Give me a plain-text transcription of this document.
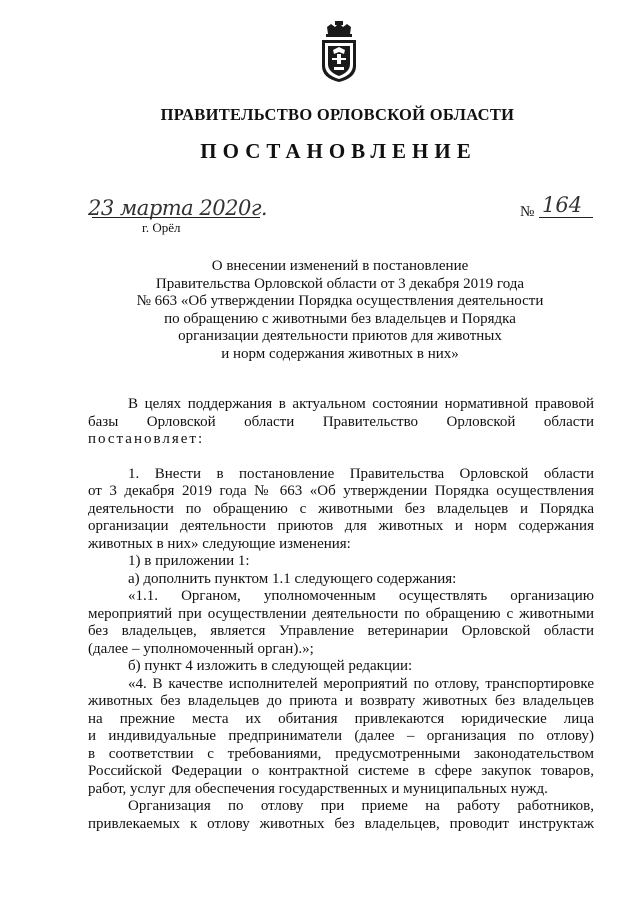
ПРАВИТЕЛЬСТВО ОРЛОВСКОЙ ОБЛАСТИ
ПОСТАНОВЛЕНИЕ
23 марта 2020г.
г. Орёл
№ 164
О внесении изменений в постановление
Правительства Орловской области от 3 декабря 2019 года
№ 663 «Об утверждении Порядка осуществления деятельности
по обращению с животными без владельцев и Порядка
организации деятельности приютов для животных
и норм содержания животных в них»
В целях поддержания в актуальном состоянии нормативной правовой
базы Орловской области Правительство Орловской области
постановляет:
1. Внести в постановление Правительства Орловской области
от 3 декабря 2019 года № 663 «Об утверждении Порядка осуществления
деятельности по обращению с животными без владельцев и Порядка
организации деятельности приютов для животных и норм содержания
животных в них» следующие изменения:
1) в приложении 1:
а) дополнить пунктом 1.1 следующего содержания:
«1.1. Органом, уполномоченным осуществлять организацию
мероприятий при осуществлении деятельности по обращению с животными
без владельцев, является Управление ветеринарии Орловской области
(далее – уполномоченный орган).»;
б) пункт 4 изложить в следующей редакции:
«4. В качестве исполнителей мероприятий по отлову, транспортировке
животных без владельцев до приюта и возврату животных без владельцев
на прежние места их обитания привлекаются юридические лица
и индивидуальные предприниматели (далее – организация по отлову)
в соответствии с требованиями, предусмотренными законодательством
Российской Федерации о контрактной системе в сфере закупок товаров,
работ, услуг для обеспечения государственных и муниципальных нужд.
Организация по отлову при приеме на работу работников,
привлекаемых к отлову животных без владельцев, проводит инструктаж
